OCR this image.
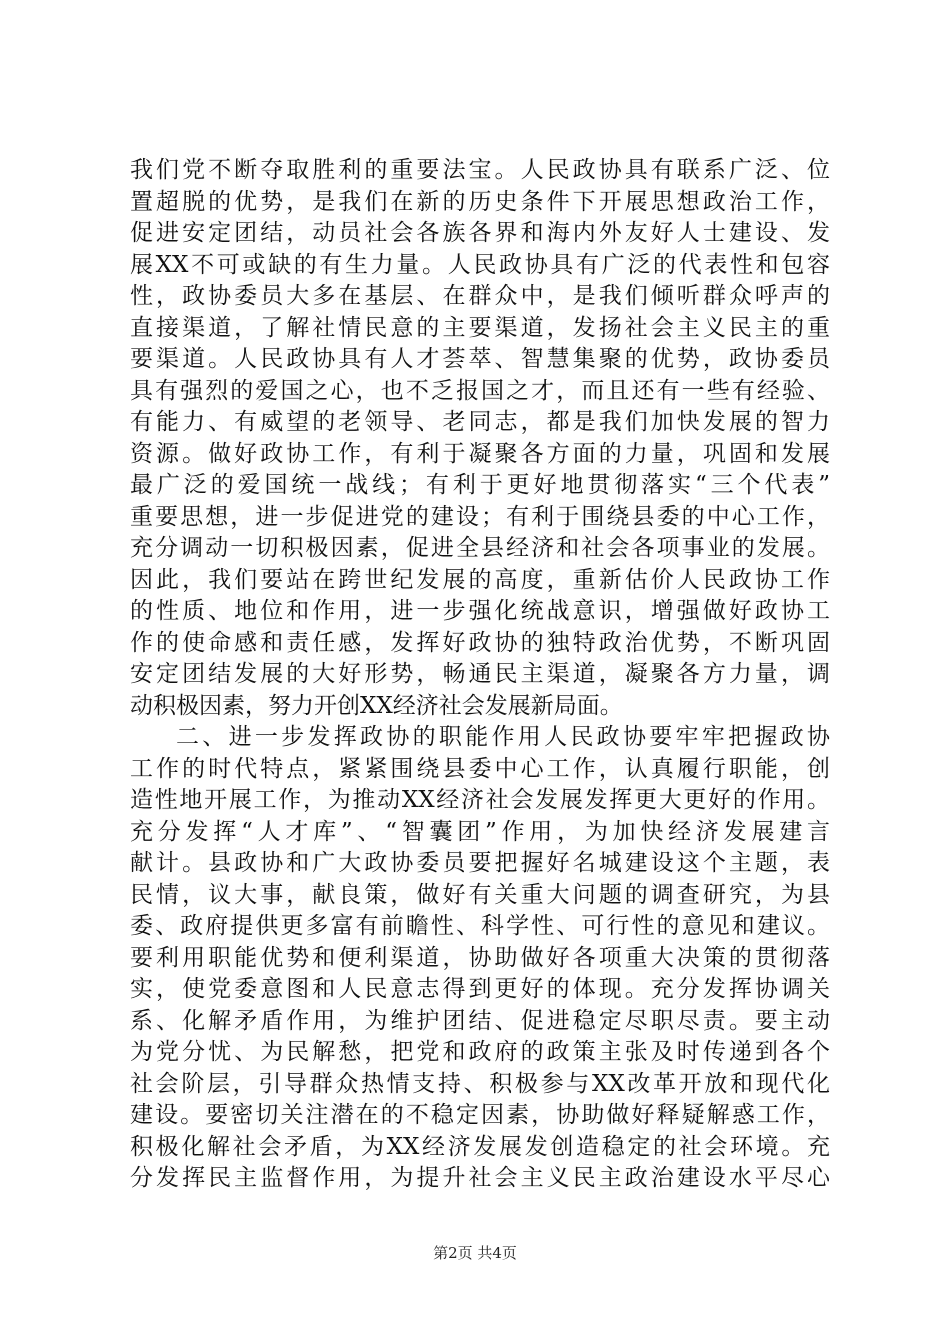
我们党不断夺取胜利的重要法宝。人民政协具有联系广泛、位
置超脱的优势，是我们在新的历史条件下开展思想政治工作，
促进安定团结，动员社会各族各界和海内外友好人士建设、发
展XX不可或缺的有生力量。人民政协具有广泛的代表性和包容
性，政协委员大多在基层、在群众中，是我们倾听群众呼声的
直接渠道，了解社情民意的主要渠道，发扬社会主义民主的重
要渠道。人民政协具有人才荟萃、智慧集聚的优势，政协委员
具有强烈的爱国之心，也不乏报国之才，而且还有一些有经验、
有能力、有威望的老领导、老同志，都是我们加快发展的智力
资源。做好政协工作，有利于凝聚各方面的力量，巩固和发展
最广泛的爱国统一战线；有利于更好地贯彻落实“三个代表”
重要思想，进一步促进党的建设；有利于围绕县委的中心工作，
充分调动一切积极因素，促进全县经济和社会各项事业的发展。
因此，我们要站在跨世纪发展的高度，重新估价人民政协工作
的性质、地位和作用，进一步强化统战意识，增强做好政协工
作的使命感和责任感，发挥好政协的独特政治优势，不断巩固
安定团结发展的大好形势，畅通民主渠道，凝聚各方力量，调
动积极因素，努力开创XX经济社会发展新局面。
二、进一步发挥政协的职能作用人民政协要牢牢把握政协
工作的时代特点，紧紧围绕县委中心工作，认真履行职能，创
造性地开展工作，为推动XX经济社会发展发挥更大更好的作用。
充分发挥“人才库”、“智囊团”作用，为加快经济发展建言
献计。县政协和广大政协委员要把握好名城建设这个主题，表
民情，议大事，献良策，做好有关重大问题的调查研究，为县
委、政府提供更多富有前瞻性、科学性、可行性的意见和建议。
要利用职能优势和便利渠道，协助做好各项重大决策的贯彻落
实，使党委意图和人民意志得到更好的体现。充分发挥协调关
系、化解矛盾作用，为维护团结、促进稳定尽职尽责。要主动
为党分忧、为民解愁，把党和政府的政策主张及时传递到各个
社会阶层，引导群众热情支持、积极参与XX改革开放和现代化
建设。要密切关注潜在的不稳定因素，协助做好释疑解惑工作，
积极化解社会矛盾，为XX经济发展发创造稳定的社会环境。充
分发挥民主监督作用，为提升社会主义民主政治建设水平尽心
第2页 共4页
